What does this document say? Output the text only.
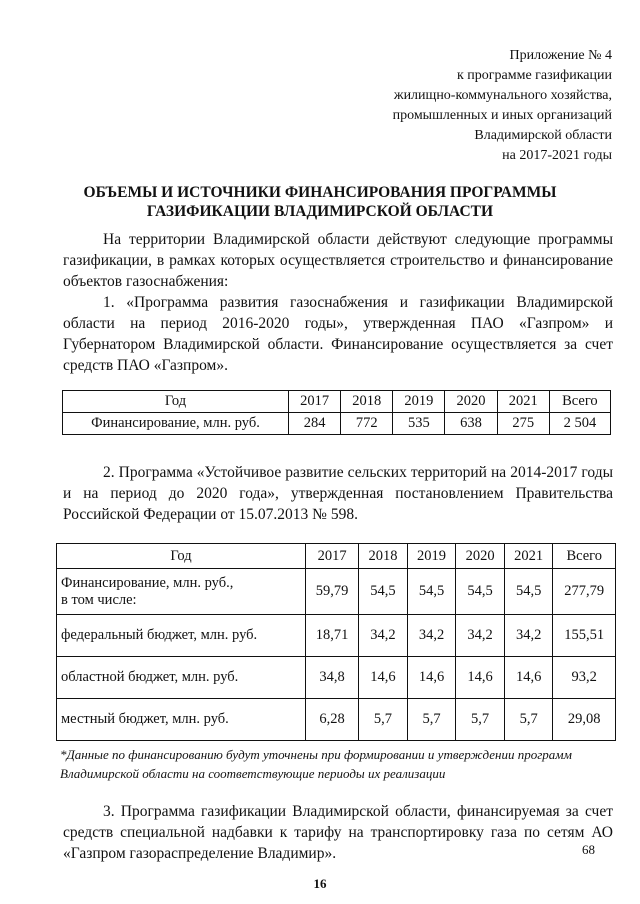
Приложение № 4
к программе газификации
жилищно-коммунального хозяйства,
промышленных и иных организаций
Владимирской области
на 2017-2021 годы
ОБЪЕМЫ И ИСТОЧНИКИ ФИНАНСИРОВАНИЯ ПРОГРАММЫ
ГАЗИФИКАЦИИ ВЛАДИМИРСКОЙ ОБЛАСТИ

На территории Владимирской области действуют следующие программы газификации, в рамках которых осуществляется строительство и финансирование объектов газоснабжения:

1. «Программа развития газоснабжения и газификации Владимирской области на период 2016-2020 годы», утвержденная ПАО «Газпром» и Губернатором Владимирской области. Финансирование осуществляется за счет средств ПАО «Газпром».

Год	2017	2018	2019	2020	2021	Всего
Финансирование, млн. руб.	284	772	535	638	275	2 504

2. Программа «Устойчивое развитие сельских территорий на 2014-2017 годы и на период до 2020 года», утвержденная постановлением Правительства Российской Федерации от 15.07.2013 № 598.

Год	2017	2018	2019	2020	2021	Всего

Финансирование, млн. руб.,
в том числе:	59,79	54,5	54,5	54,5	54,5	277,79
федеральный бюджет, млн. руб.	18,71	34,2	34,2	34,2	34,2	155,51
областной бюджет, млн. руб.	34,8	14,6	14,6	14,6	14,6	93,2
местный бюджет, млн. руб.	6,28	5,7	5,7	5,7	5,7	29,08

*Данные по финансированию будут уточнены при формировании и утверждении программ Владимирской области на соответствующие периоды их реализации

3. Программа газификации Владимирской области, финансируемая за счет средств специальной надбавки к тарифу на транспортировку газа по сетям АО «Газпром газораспределение Владимир».	68
16
